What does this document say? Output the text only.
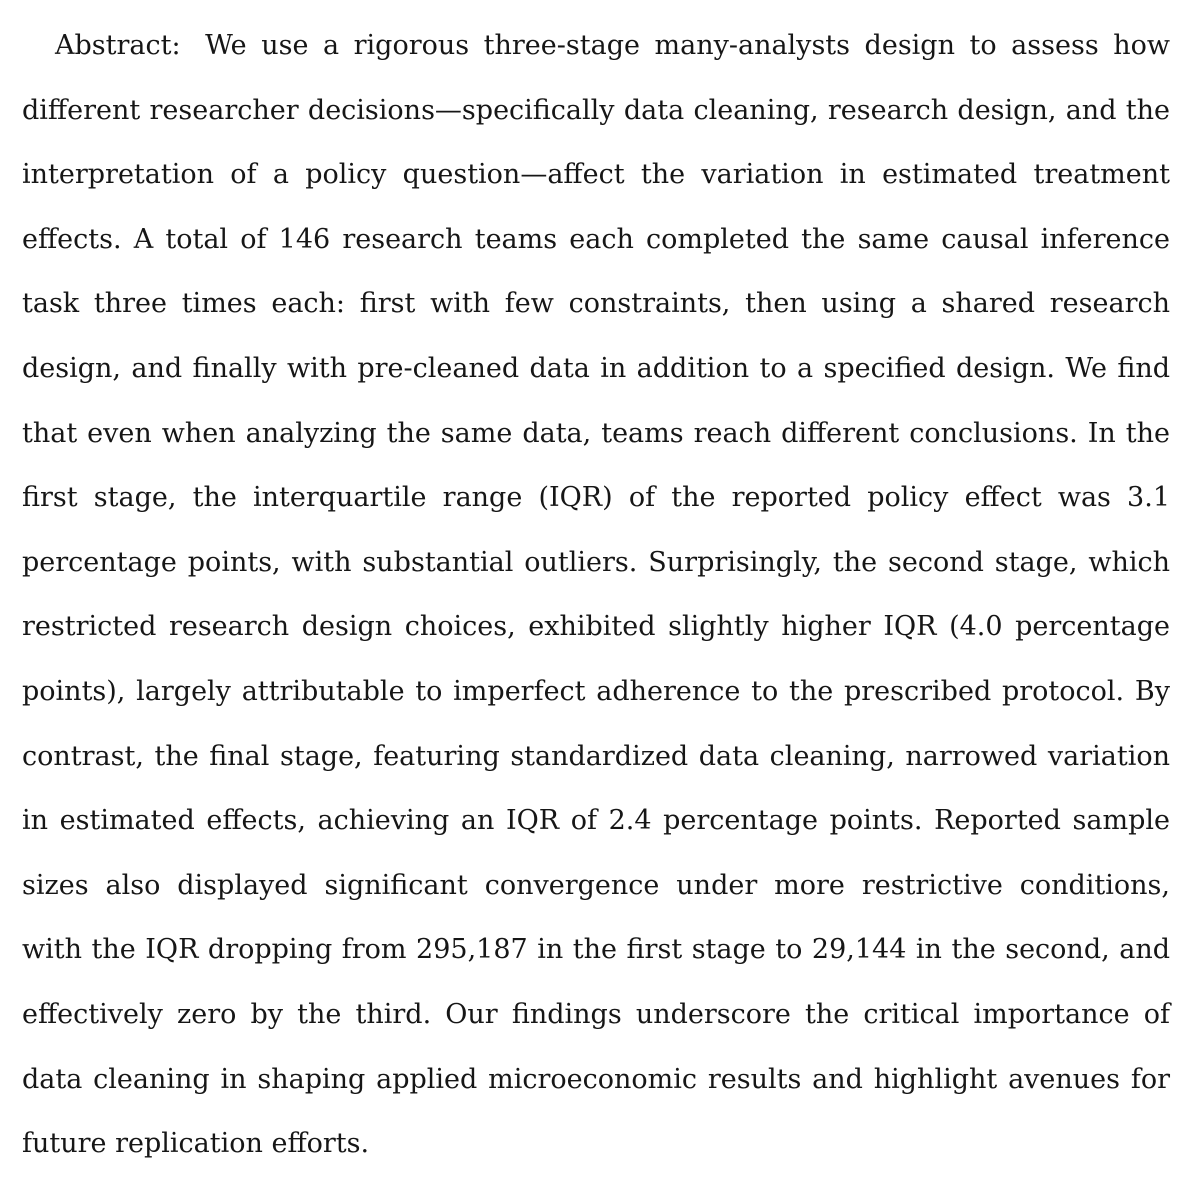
Abstract: We use a rigorous three-stage many-analysts design to assess how different researcher decisions—specifically data cleaning, research design, and the interpretation of a policy question—affect the variation in estimated treatment effects. A total of 146 research teams each completed the same causal inference task three times each: first with few constraints, then using a shared research design, and finally with pre-cleaned data in addition to a specified design. We find that even when analyzing the same data, teams reach different conclusions. In the first stage, the interquartile range (IQR) of the reported policy effect was 3.1 percentage points, with substantial outliers. Surprisingly, the second stage, which restricted research design choices, exhibited slightly higher IQR (4.0 percentage points), largely attributable to imperfect adherence to the prescribed protocol. By contrast, the final stage, featuring standardized data cleaning, narrowed variation in estimated effects, achieving an IQR of 2.4 percentage points. Reported sample sizes also displayed significant convergence under more restrictive conditions, with the IQR dropping from 295,187 in the first stage to 29,144 in the second, and effectively zero by the third. Our findings underscore the critical importance of data cleaning in shaping applied microeconomic results and highlight avenues for future replication efforts.
